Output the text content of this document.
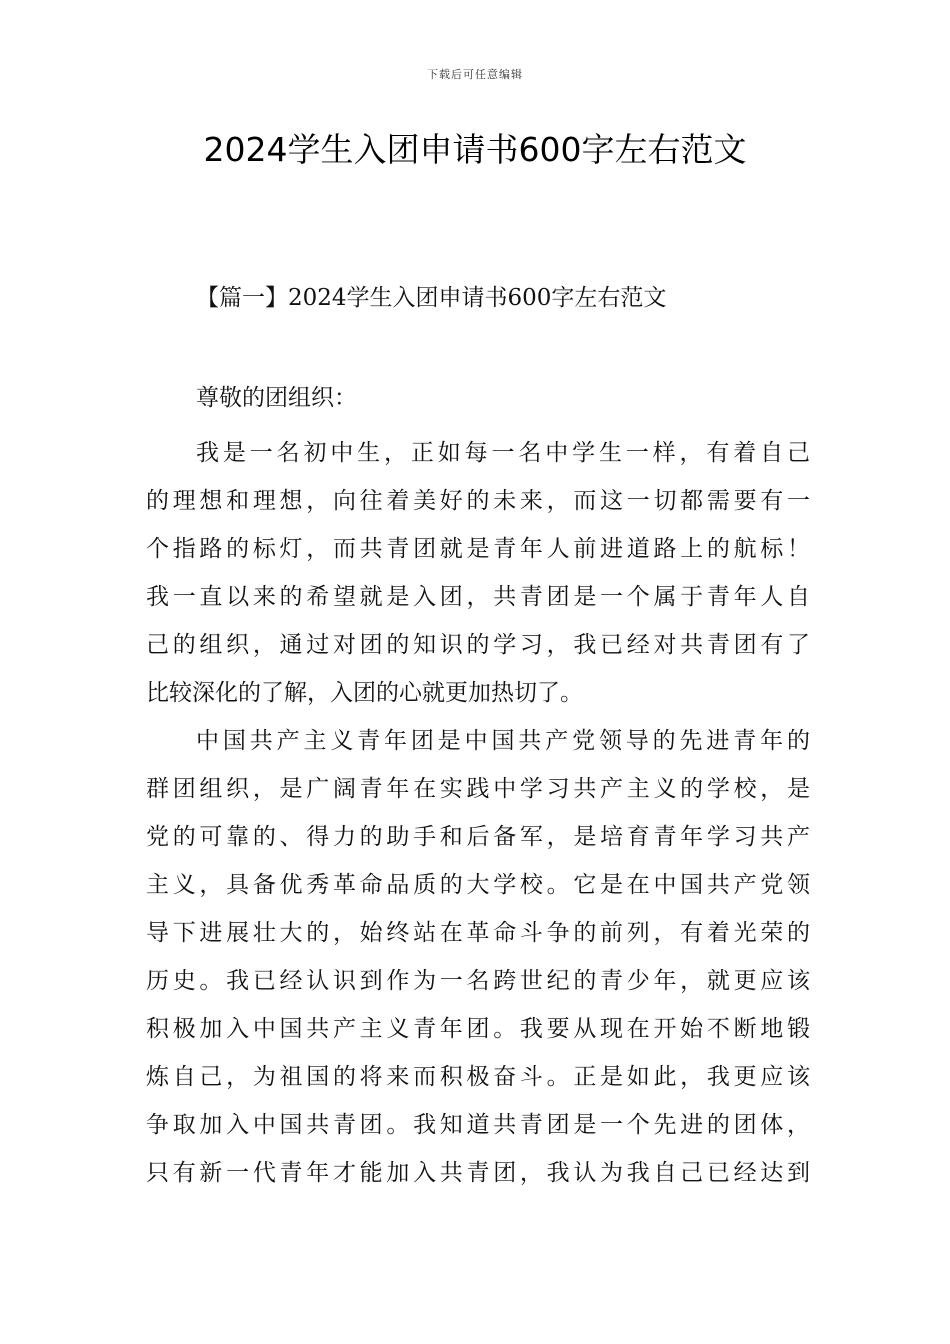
下载后可任意编辑
2024学生入团申请书600字左右范文
【篇一】2024学生入团申请书600字左右范文
尊敬的团组织：
我是一名初中生，正如每一名中学生一样，有着自己
的理想和理想，向往着美好的未来，而这一切都需要有一
个指路的标灯，而共青团就是青年人前进道路上的航标！
我一直以来的希望就是入团，共青团是一个属于青年人自
己的组织，通过对团的知识的学习，我已经对共青团有了
比较深化的了解，入团的心就更加热切了。
中国共产主义青年团是中国共产党领导的先进青年的
群团组织，是广阔青年在实践中学习共产主义的学校，是
党的可靠的、得力的助手和后备军，是培育青年学习共产
主义，具备优秀革命品质的大学校。它是在中国共产党领
导下进展壮大的，始终站在革命斗争的前列，有着光荣的
历史。我已经认识到作为一名跨世纪的青少年，就更应该
积极加入中国共产主义青年团。我要从现在开始不断地锻
炼自己，为祖国的将来而积极奋斗。正是如此，我更应该
争取加入中国共青团。我知道共青团是一个先进的团体，
只有新一代青年才能加入共青团，我认为我自己已经达到
